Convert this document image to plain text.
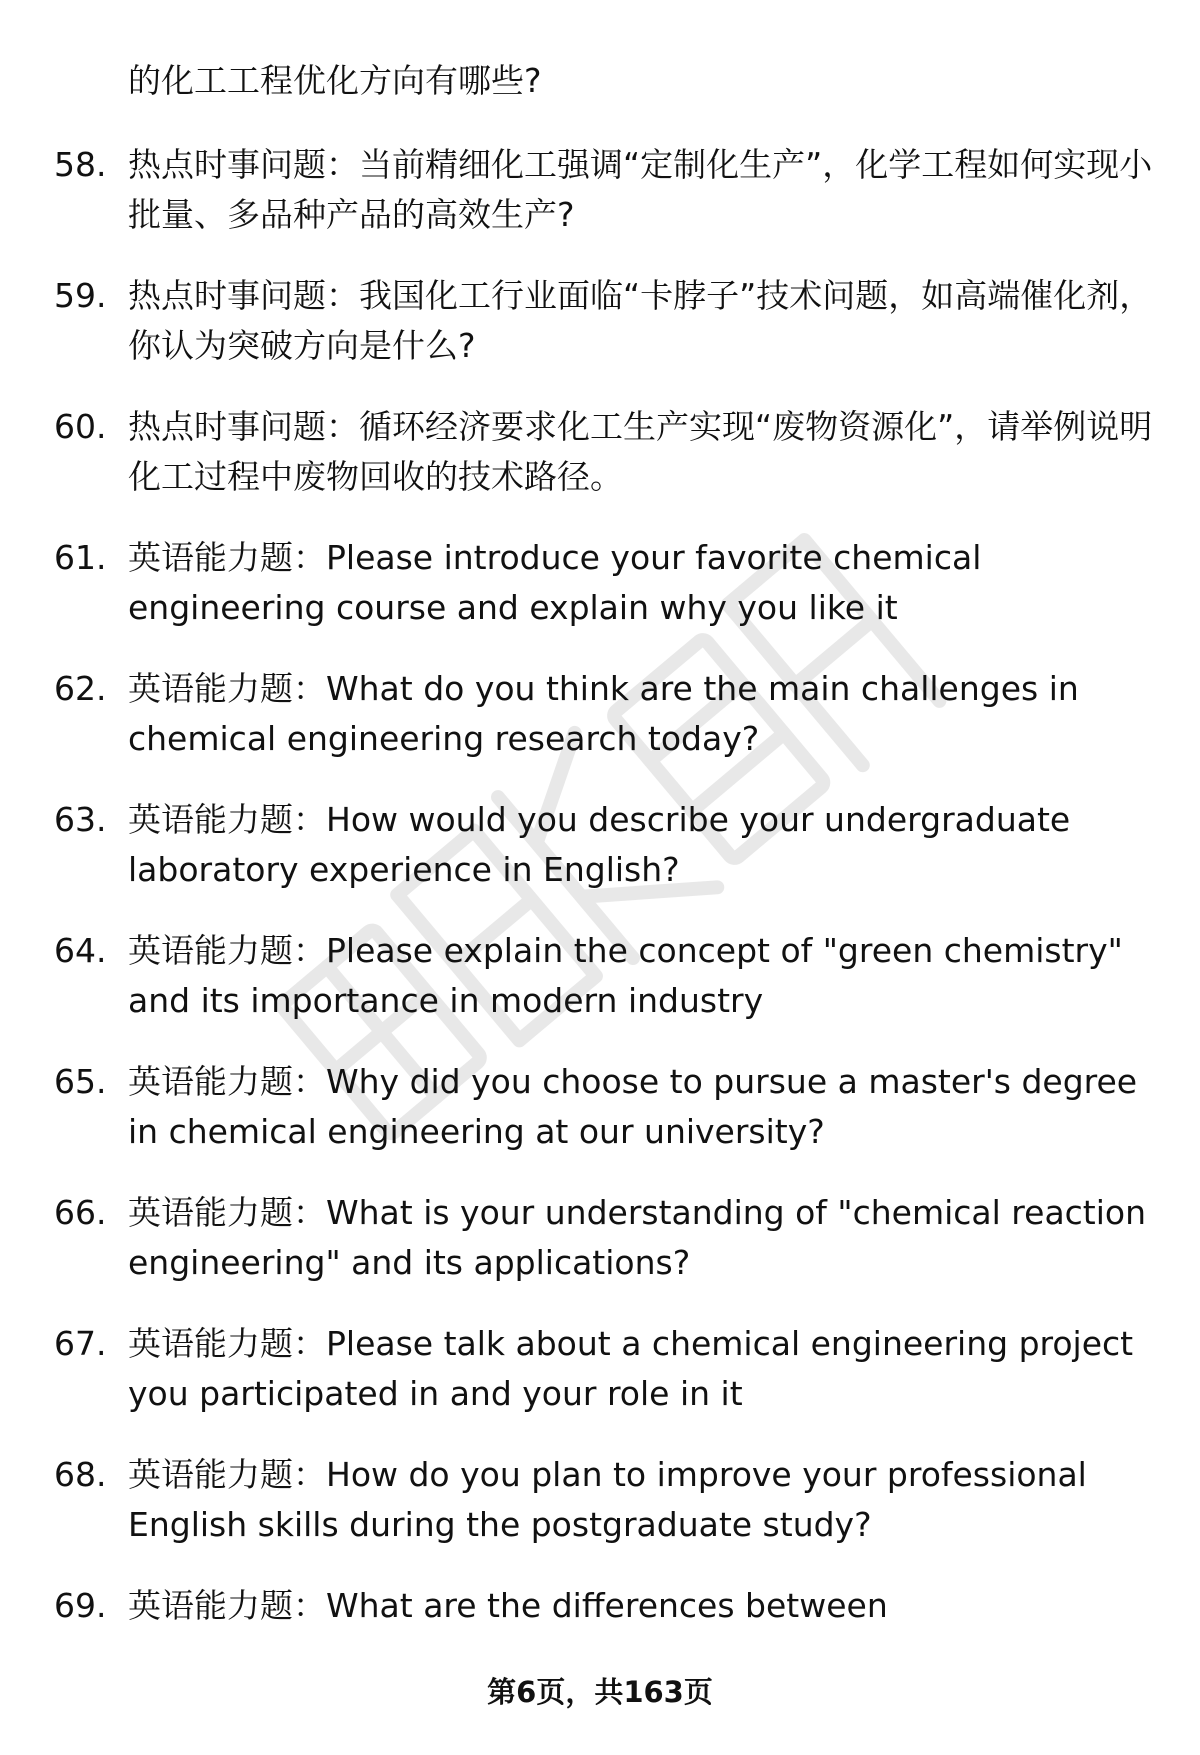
的化工工程优化方向有哪些?

58. 热点时事问题：当前精细化工强调“定制化生产”，化学工程如何实现小批量、多品种产品的高效生产?

59. 热点时事问题：我国化工行业面临“卡脖子”技术问题，如高端催化剂，你认为突破方向是什么?

60. 热点时事问题：循环经济要求化工生产实现“废物资源化”，请举例说明化工过程中废物回收的技术路径。

61. 英语能力题：Please introduce your favorite chemical engineering course and explain why you like it

62. 英语能力题：What do you think are the main challenges in chemical engineering research today?

63. 英语能力题：How would you describe your undergraduate laboratory experience in English?

64. 英语能力题：Please explain the concept of "green chemistry" and its importance in modern industry

65. 英语能力题：Why did you choose to pursue a master's degree in chemical engineering at our university?

66. 英语能力题：What is your understanding of "chemical reaction engineering" and its applications?

67. 英语能力题：Please talk about a chemical engineering project you participated in and your role in it

68. 英语能力题：How do you plan to improve your professional English skills during the postgraduate study?

69. 英语能力题：What are the differences between

第6页，共163页
